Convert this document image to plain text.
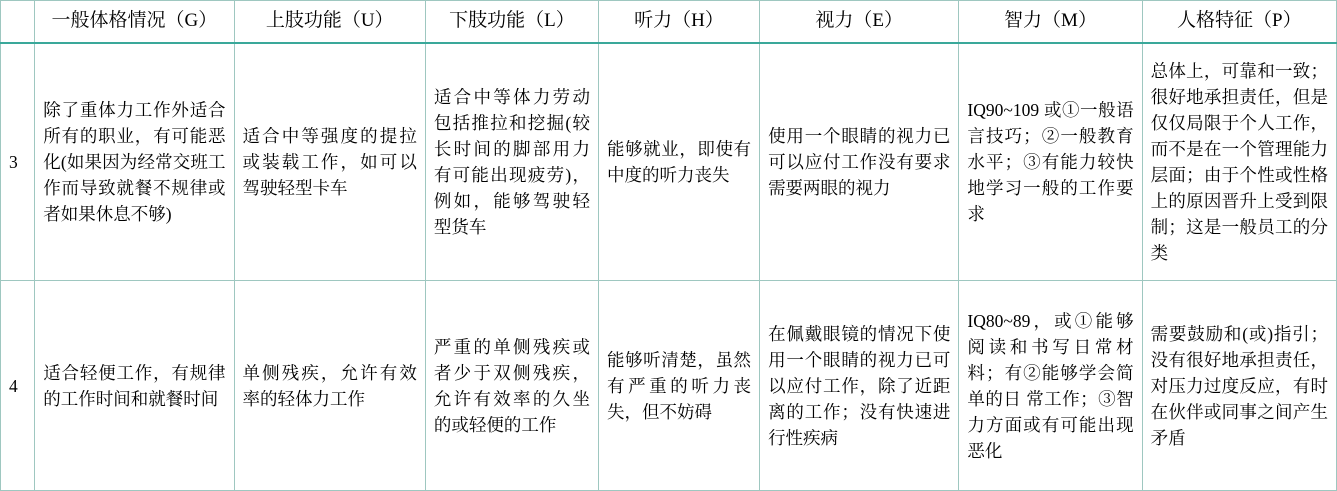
	一般体格情况（G）	上肢功能（U）	下肢功能（L）	听力（H）	视力（E）	智力（M）	人格特征（P）
3	除了重体力工作外适合所有的职业，有可能恶化(如果因为经常交班工作而导致就餐不规律或者如果休息不够)	适合中等强度的提拉或装载工作，如可以驾驶轻型卡车	适合中等体力劳动包括推拉和挖掘(较长时间的脚部用力有可能出现疲劳)，例如，能够驾驶轻型货车	能够就业，即使有中度的听力丧失	使用一个眼睛的视力已可以应付工作没有要求需要两眼的视力	IQ90~109 或①一般语言技巧；②一般教育水平；③有能力较快地学习一般的工作要求	总体上，可靠和一致；很好地承担责任，但是仅仅局限于个人工作，而不是在一个管理能力层面；由于个性或性格上的原因晋升上受到限制；这是一般员工的分类
4	适合轻便工作，有规律的工作时间和就餐时间	单侧残疾，允许有效率的轻体力工作	严重的单侧残疾或者少于双侧残疾，允许有效率的久坐的或轻便的工作	能够听清楚，虽然有严重的听力丧失，但不妨碍	在佩戴眼镜的情况下使用一个眼睛的视力已可以应付工作，除了近距离的工作；没有快速进行性疾病	IQ80~89，或①能够阅读和书写日常材料；有②能够学会简单的日 常工作；③智力方面或有可能出现恶化	需要鼓励和(或)指引；没有很好地承担责任，对压力过度反应，有时在伙伴或同事之间产生矛盾
